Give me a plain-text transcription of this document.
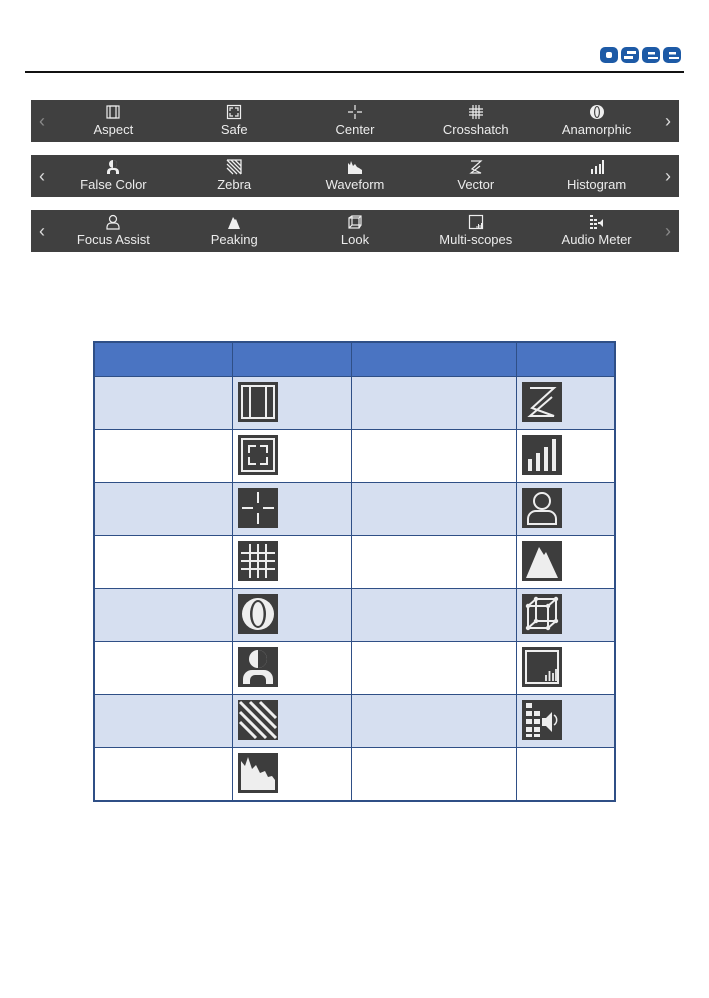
‹	Aspect	Safe	Center	Crosshatch	Anamorphic	›
‹	False Color	Zebra	Waveform	Vector	Histogram	›
‹	Focus Assist	Peaking	Look	Multi-scopes	Audio Meter	›
